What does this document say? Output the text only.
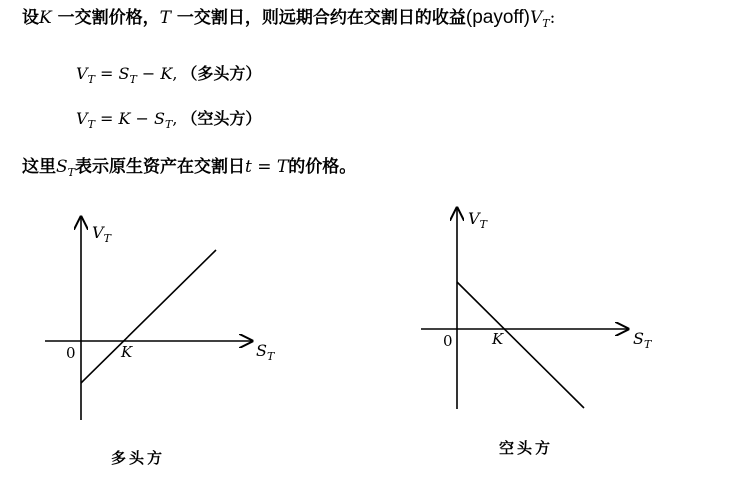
设K 一交割价格，T 一交割日，则远期合约在交割日的收益$(payoff)V_T$:
$V_T = S_T - K$, （多头方）
$V_T = K - S_T$, （空头方）
这里$S_T$表示原生资产在交割日t = T的价格。
$V_T$
$S_T$
0	K
$V_T$
$S_T$
0	K
多头方
空头方
